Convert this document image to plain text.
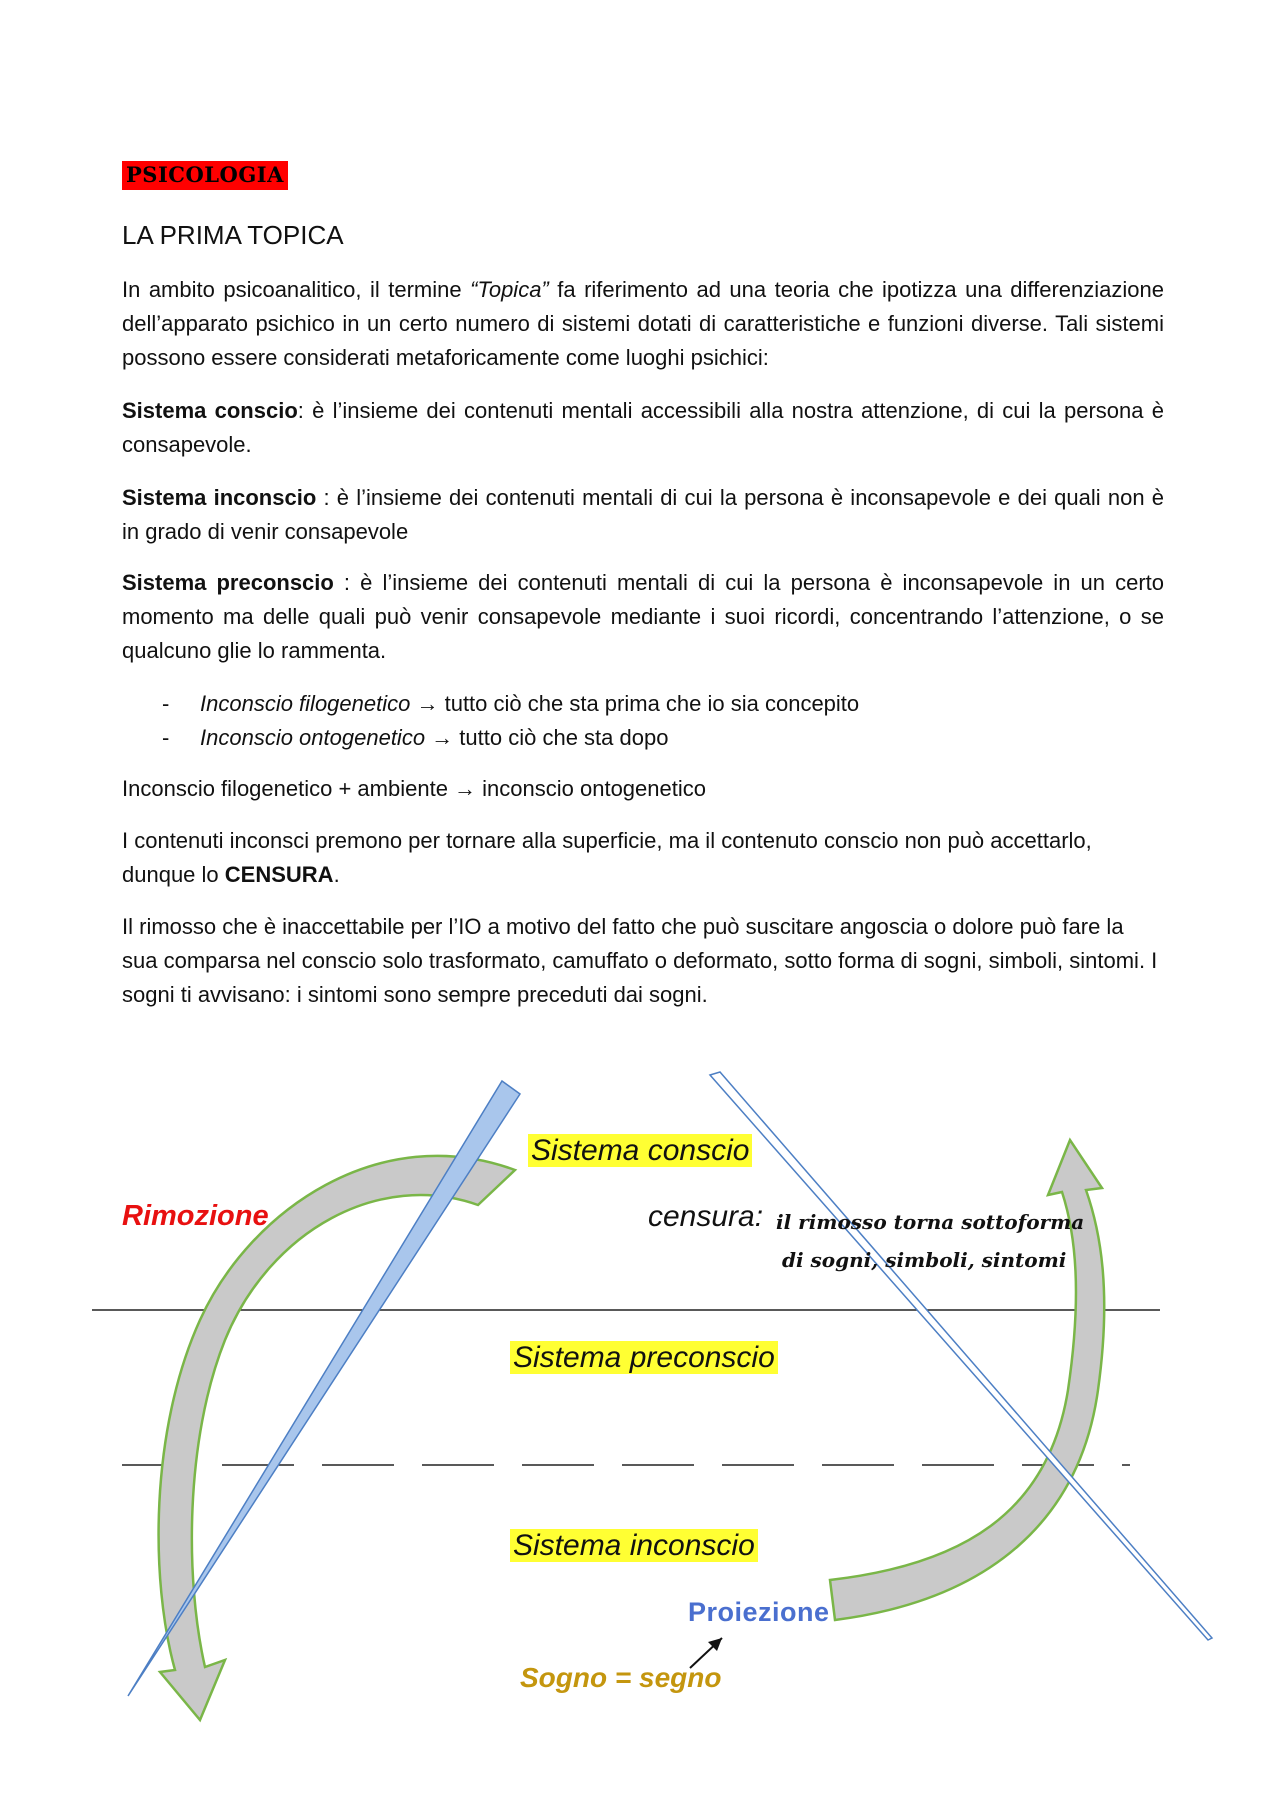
PSICOLOGIA
LA PRIMA TOPICA

In ambito psicoanalitico, il termine “Topica” fa riferimento ad una teoria che ipotizza una differenziazione dell’apparato psichico in un certo numero di sistemi dotati di caratteristiche e funzioni diverse. Tali sistemi possono essere considerati metaforicamente come luoghi psichici:

Sistema conscio: è l’insieme dei contenuti mentali accessibili alla nostra attenzione, di cui la persona è consapevole.

Sistema inconscio : è l’insieme dei contenuti mentali di cui la persona è inconsapevole e dei quali non è in grado di venir consapevole

Sistema preconscio : è l’insieme dei contenuti mentali di cui la persona è inconsapevole in un certo momento ma delle quali può venir consapevole mediante i suoi ricordi, concentrando l’attenzione, o se qualcuno glie lo rammenta.

- Inconscio filogenetico → tutto ciò che sta prima che io sia concepito
- Inconscio ontogenetico → tutto ciò che sta dopo

Inconscio filogenetico + ambiente → inconscio ontogenetico

I contenuti inconsci premono per tornare alla superficie, ma il contenuto conscio non può accettarlo, dunque lo CENSURA.

Il rimosso che è inaccettabile per l’IO a motivo del fatto che può suscitare angoscia o dolore può fare la sua comparsa nel conscio solo trasformato, camuffato o deformato, sotto forma di sogni, simboli, sintomi. I sogni ti avvisano: i sintomi sono sempre preceduti dai sogni.

Sistema conscio
Rimozione	censura: il rimosso torna sottoforma
di sogni, simboli, sintomi
Sistema preconscio
Sistema inconscio
Proiezione
Sogno = segno
